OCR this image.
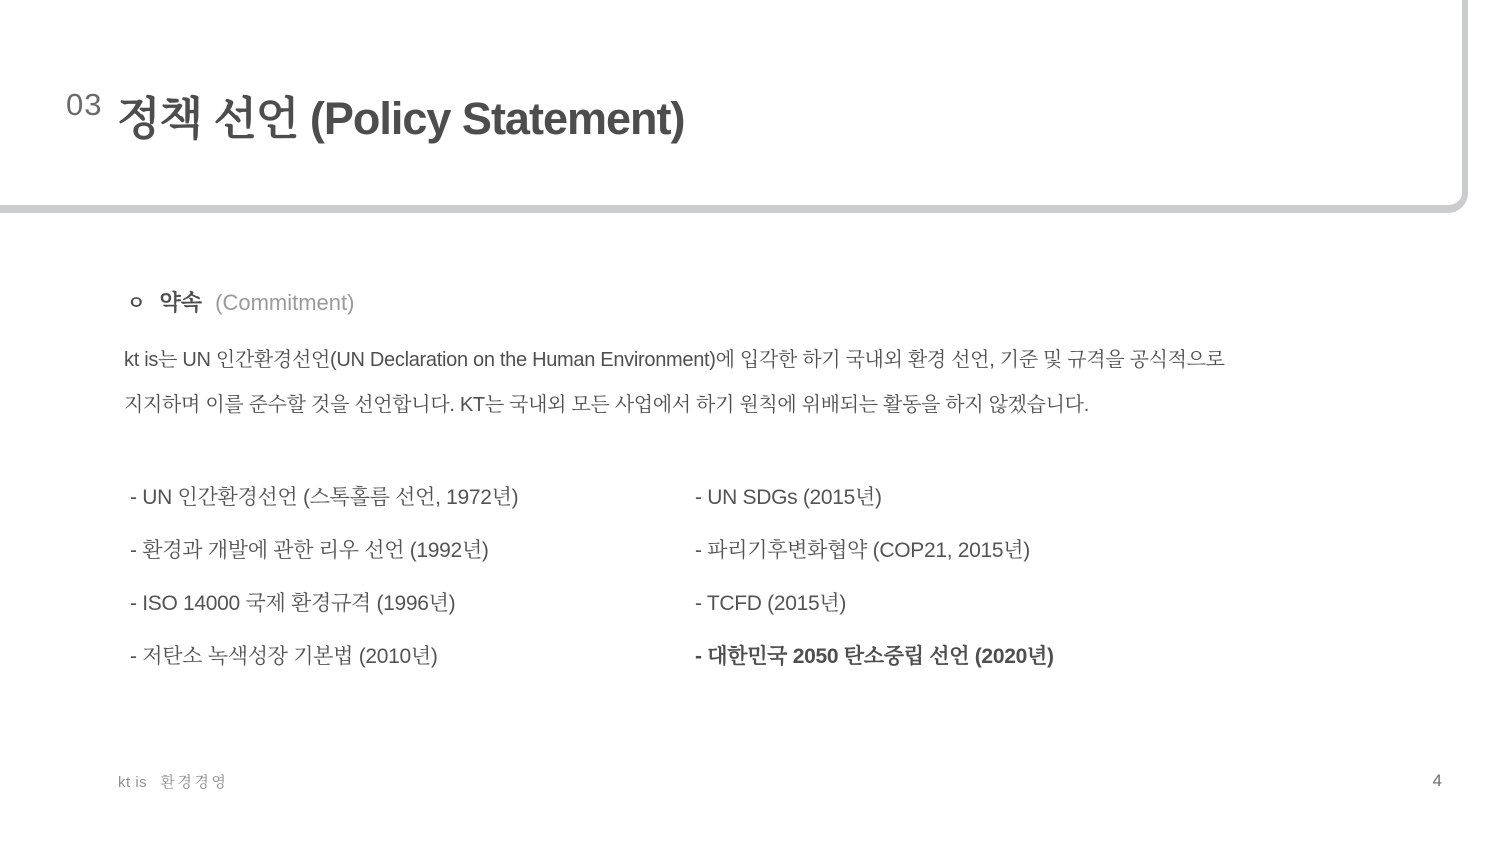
03 정책 선언 (Policy Statement)
ㅇ 약속 (Commitment)

kt is는 UN 인간환경선언(UN Declaration on the Human Environment)에 입각한 하기 국내외 환경 선언, 기준 및 규격을 공식적으로
지지하며 이를 준수할 것을 선언합니다. KT는 국내외 모든 사업에서 하기 원칙에 위배되는 활동을 하지 않겠습니다.

- UN 인간환경선언 (스톡홀름 선언, 1972년)
- 환경과 개발에 관한 리우 선언 (1992년)
- ISO 14000 국제 환경규격 (1996년)
- 저탄소 녹색성장 기본법 (2010년)
- UN SDGs (2015년)
- 파리기후변화협약 (COP21, 2015년)
- TCFD (2015년)
- 대한민국 2050 탄소중립 선언 (2020년)
kt is 환경경영	4
